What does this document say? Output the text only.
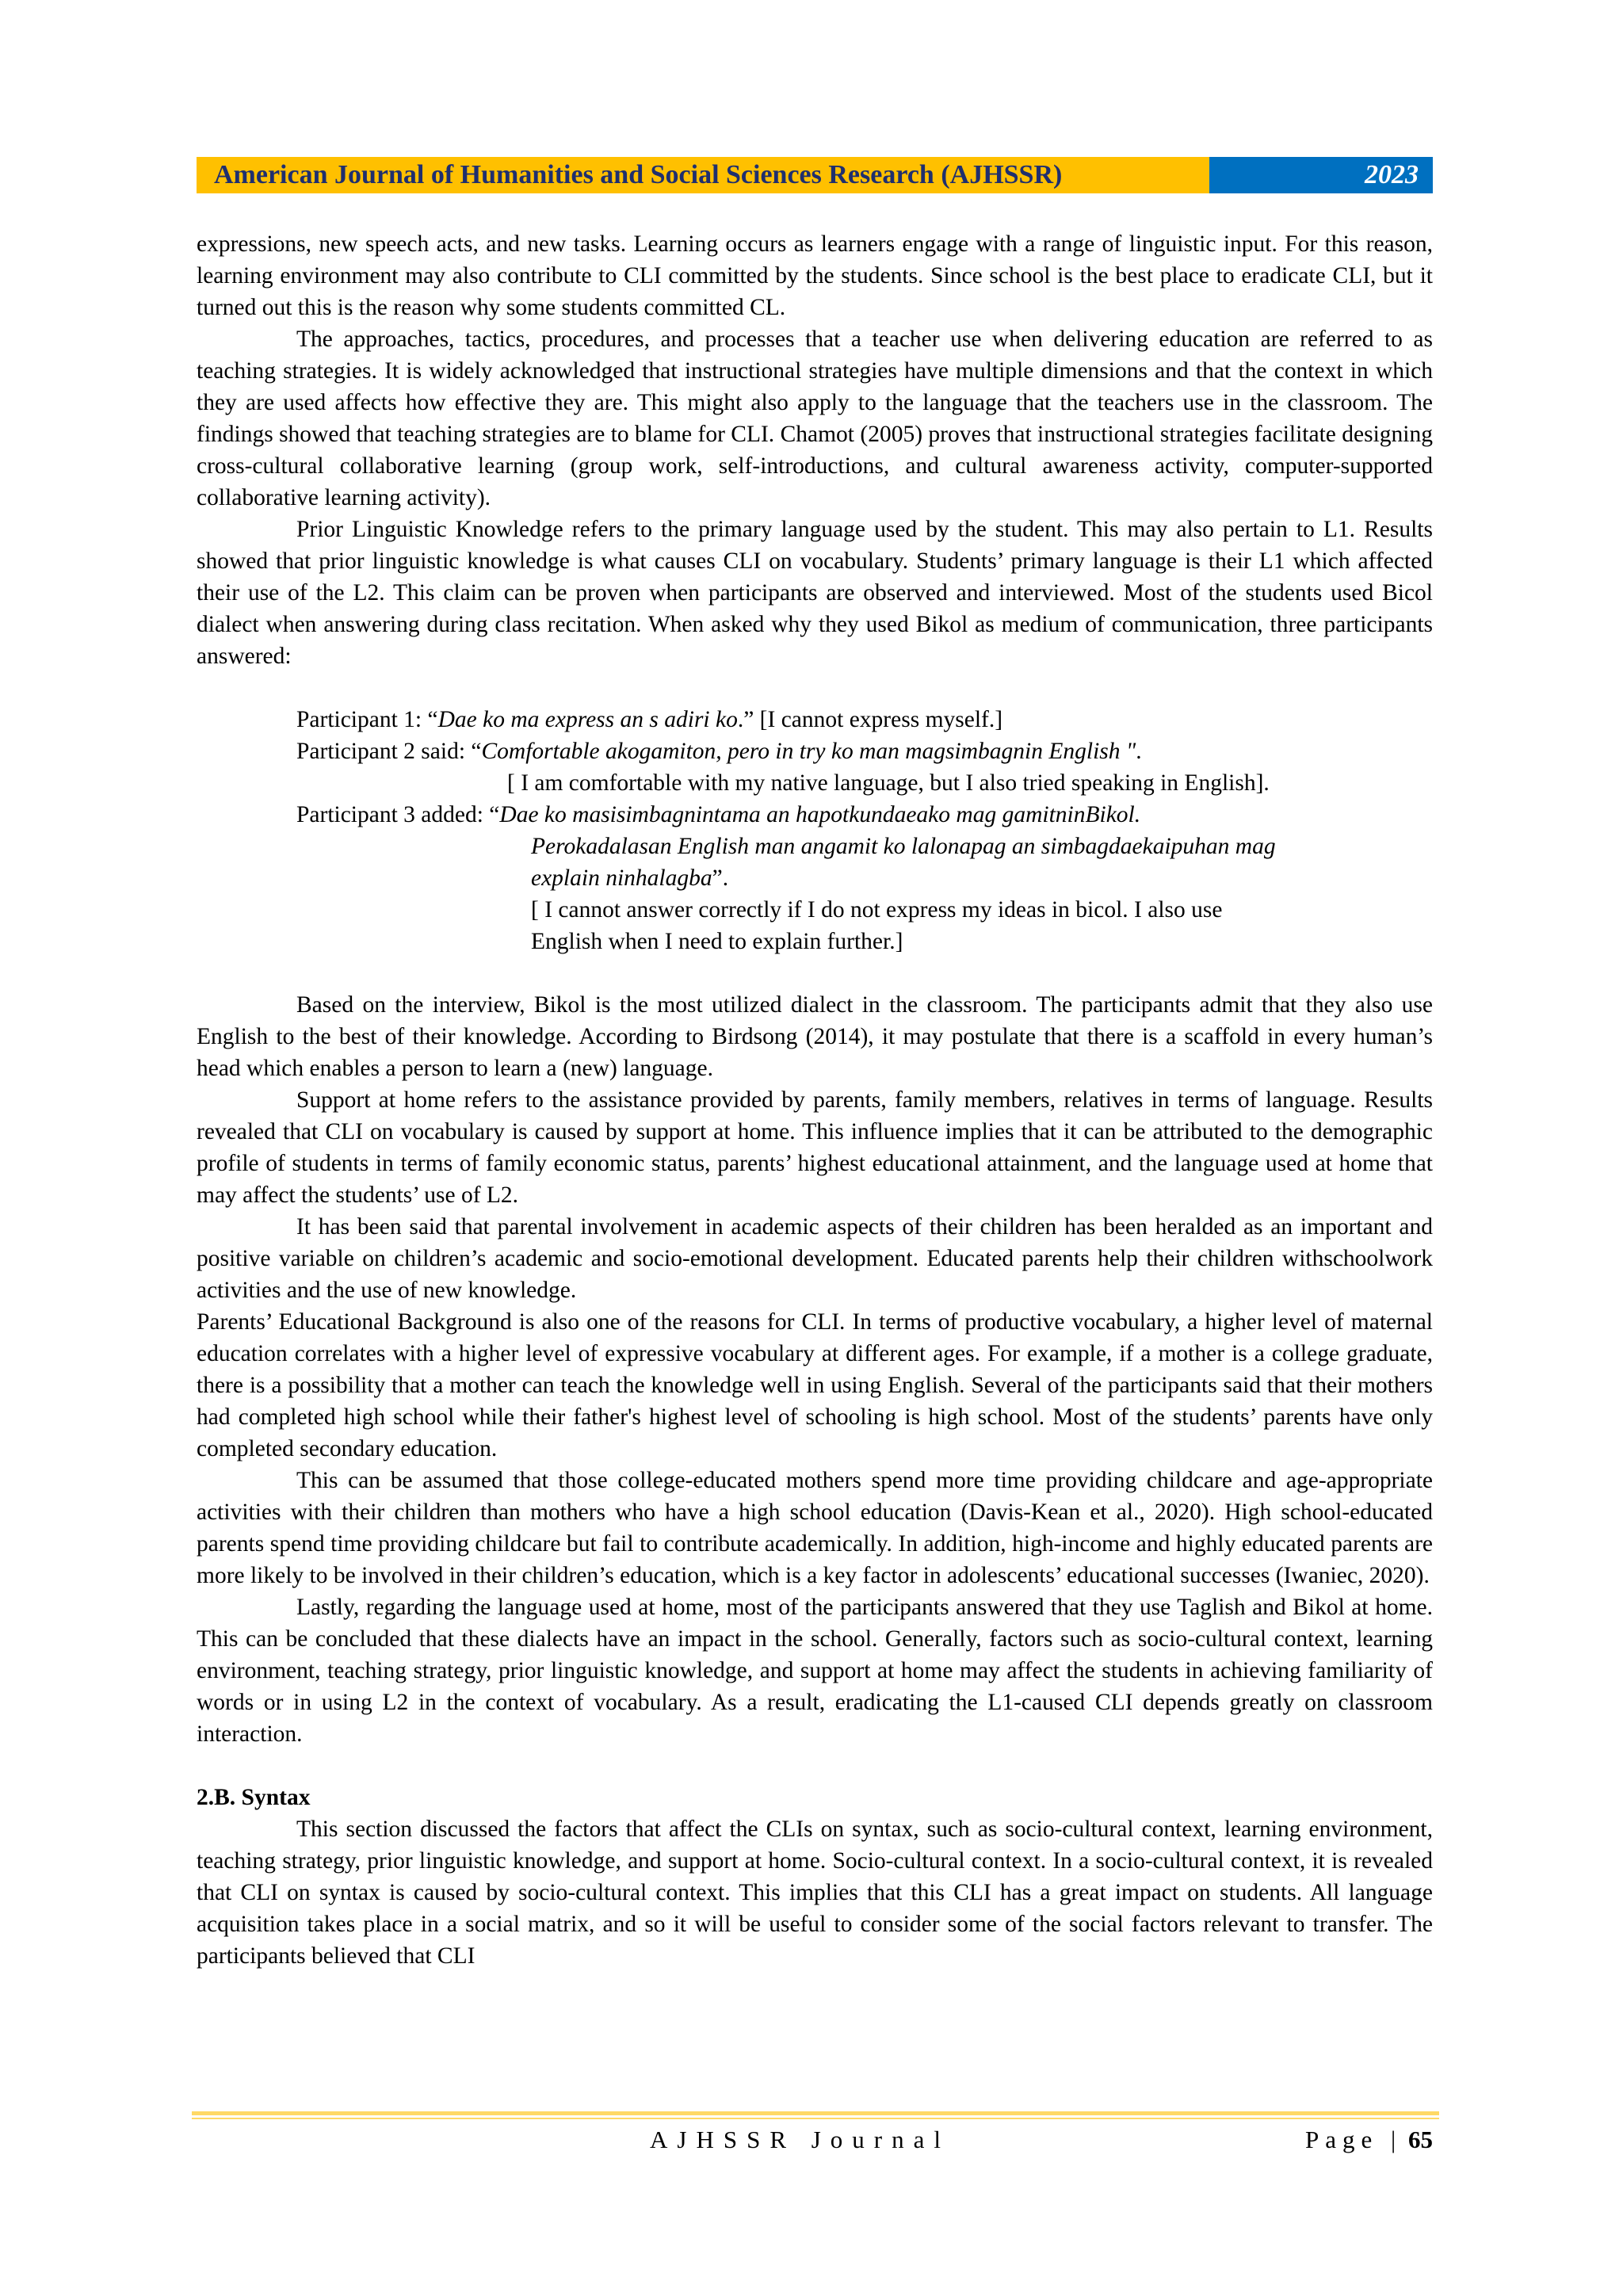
American Journal of Humanities and Social Sciences Research (AJHSSR)	2023

expressions, new speech acts, and new tasks. Learning occurs as learners engage with a range of linguistic input. For this reason, learning environment may also contribute to CLI committed by the students. Since school is the best place to eradicate CLI, but it turned out this is the reason why some students committed CL.

The approaches, tactics, procedures, and processes that a teacher use when delivering education are referred to as teaching strategies. It is widely acknowledged that instructional strategies have multiple dimensions and that the context in which they are used affects how effective they are. This might also apply to the language that the teachers use in the classroom. The findings showed that teaching strategies are to blame for CLI. Chamot (2005) proves that instructional strategies facilitate designing cross-cultural collaborative learning (group work, self-introductions, and cultural awareness activity, computer-supported collaborative learning activity).

Prior Linguistic Knowledge refers to the primary language used by the student. This may also pertain to L1. Results showed that prior linguistic knowledge is what causes CLI on vocabulary. Students’ primary language is their L1 which affected their use of the L2. This claim can be proven when participants are observed and interviewed. Most of the students used Bicol dialect when answering during class recitation. When asked why they used Bikol as medium of communication, three participants answered:

Participant 1: “Dae ko ma express an s adiri ko.” [I cannot express myself.]

Participant 2 said: “Comfortable akogamiton, pero in try ko man magsimbagnin English ".

[ I am comfortable with my native language, but I also tried speaking in English].

Participant 3 added: “Dae ko masisimbagnintama an hapotkundaeako mag gamitninBikol.

Perokadalasan English man angamit ko lalonapag an simbagdaekaipuhan mag
explain ninhalagba”.
[ I cannot answer correctly if I do not express my ideas in bicol. I also use
English when I need to explain further.]

Based on the interview, Bikol is the most utilized dialect in the classroom. The participants admit that they also use English to the best of their knowledge. According to Birdsong (2014), it may postulate that there is a scaffold in every human’s head which enables a person to learn a (new) language.

Support at home refers to the assistance provided by parents, family members, relatives in terms of language. Results revealed that CLI on vocabulary is caused by support at home. This influence implies that it can be attributed to the demographic profile of students in terms of family economic status, parents’ highest educational attainment, and the language used at home that may affect the students’ use of L2.

It has been said that parental involvement in academic aspects of their children has been heralded as an important and positive variable on children’s academic and socio-emotional development. Educated parents help their children withschoolwork activities and the use of new knowledge.

Parents’ Educational Background is also one of the reasons for CLI. In terms of productive vocabulary, a higher level of maternal education correlates with a higher level of expressive vocabulary at different ages. For example, if a mother is a college graduate, there is a possibility that a mother can teach the knowledge well in using English. Several of the participants said that their mothers had completed high school while their father's highest level of schooling is high school. Most of the students’ parents have only completed secondary education.

This can be assumed that those college-educated mothers spend more time providing childcare and age-appropriate activities with their children than mothers who have a high school education (Davis-Kean et al., 2020). High school-educated parents spend time providing childcare but fail to contribute academically. In addition, high-income and highly educated parents are more likely to be involved in their children’s education, which is a key factor in adolescents’ educational successes (Iwaniec, 2020).

Lastly, regarding the language used at home, most of the participants answered that they use Taglish and Bikol at home. This can be concluded that these dialects have an impact in the school. Generally, factors such as socio-cultural context, learning environment, teaching strategy, prior linguistic knowledge, and support at home may affect the students in achieving familiarity of words or in using L2 in the context of vocabulary. As a result, eradicating the L1-caused CLI depends greatly on classroom interaction.

2.B. Syntax

This section discussed the factors that affect the CLIs on syntax, such as socio-cultural context, learning environment, teaching strategy, prior linguistic knowledge, and support at home. Socio-cultural context. In a socio-cultural context, it is revealed that CLI on syntax is caused by socio-cultural context. This implies that this CLI has a great impact on students. All language acquisition takes place in a social matrix, and so it will be useful to consider some of the social factors relevant to transfer. The participants believed that CLI

AJHSSR Journal	Page | 65
